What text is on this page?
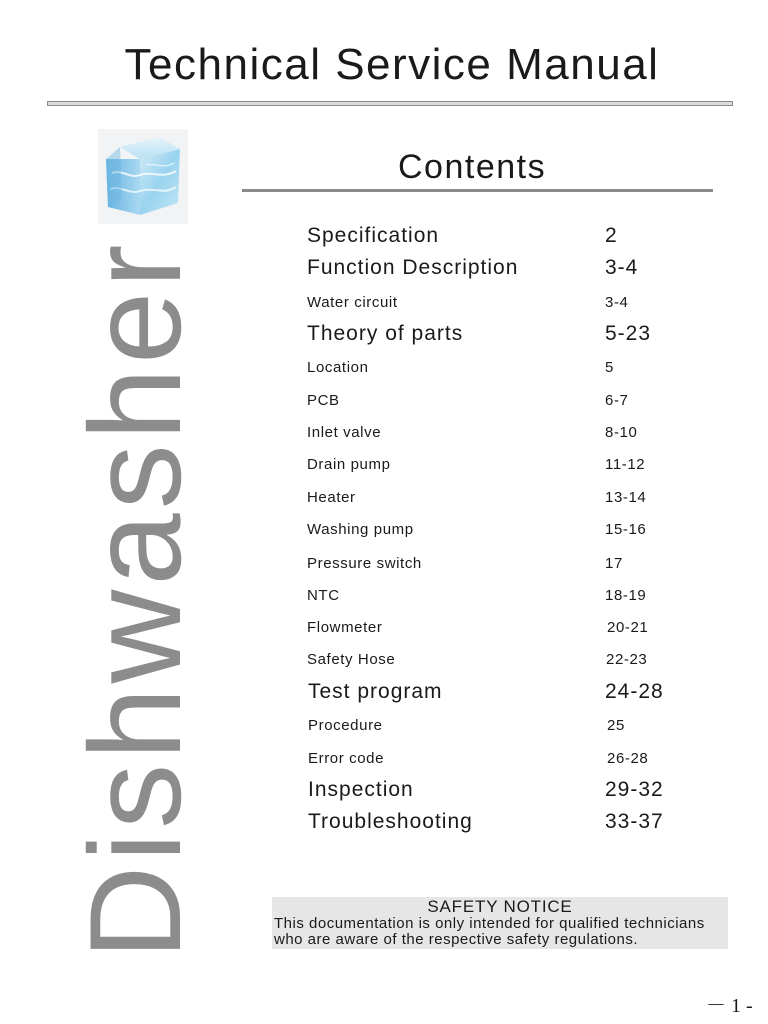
Technical Service Manual
Dishwasher
Contents
Specification	2
Function Description	3-4
Water circuit	3-4
Theory of parts	5-23
Location	5
PCB	6-7
Inlet valve	8-10
Drain pump	11-12
Heater	13-14
Washing pump	15-16
Pressure switch	17
NTC	18-19
Flowmeter	20-21
Safety Hose	22-23
Test program	24-28
Procedure	25
Error code	26-28
Inspection	29-32
Troubleshooting	33-37
SAFETY NOTICE
This documentation is only intended for qualified technicians who are aware of the respective safety regulations.
－ 1 -
